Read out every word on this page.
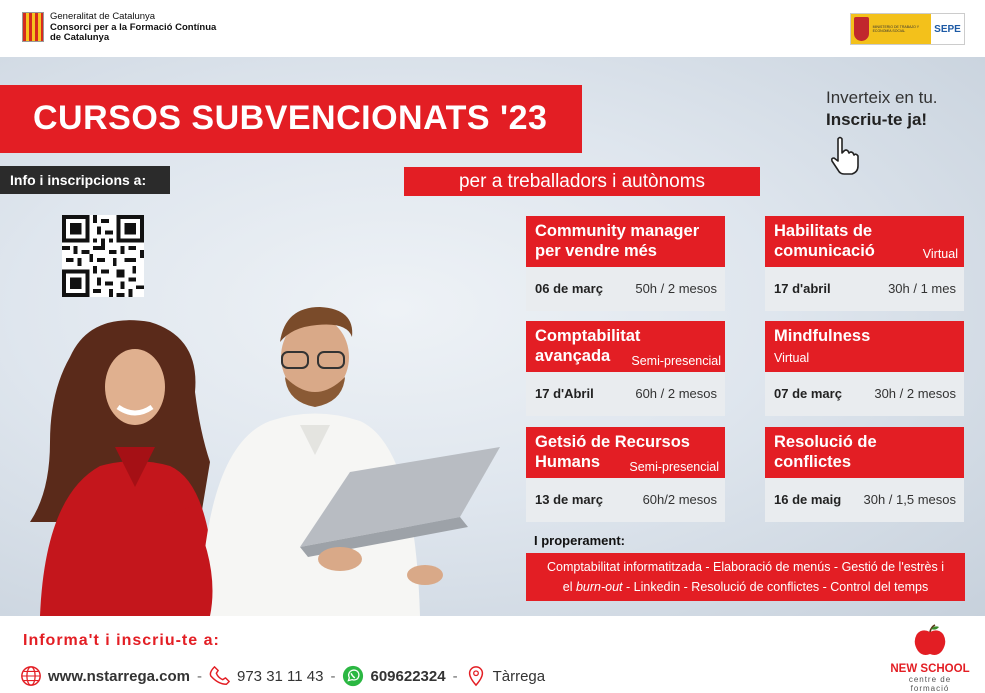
Generalitat de Catalunya
Consorci per a la Formació Contínua
de Catalunya
MINISTERIO DE TRABAJO Y ECONOMÍA SOCIAL	SEPE
CURSOS SUBVENCIONATS '23
Inverteix en tu.
Inscriu-te ja!
Info i inscripcions a:	per a treballadors i autònoms
Community manager per vendre més
06 de març 50h / 2 mesos
Habilitats de comunicació	Virtual
17 d'abril	30h / 1 mes
Comptabilitat avançada	Semi-presencial
17 d'Abril	60h / 2 mesos
Mindfulness
Virtual
07 de març 30h / 2 mesos
Getsió de Recursos Humans	Semi-presencial
13 de març	60h/2 mesos
Resolució de conflictes
16 de maig 30h / 1,5 mesos
I properament:
Comptabilitat informatitzada - Elaboració de menús - Gestió de l'estrès i
el burn-out - Linkedin - Resolució de conflictes - Control del temps
Informa't i inscriu-te a:
www.nstarrega.com - 973 31 11 43 - 609622324 - Tàrrega	NEW SCHOOL
centre de formació
